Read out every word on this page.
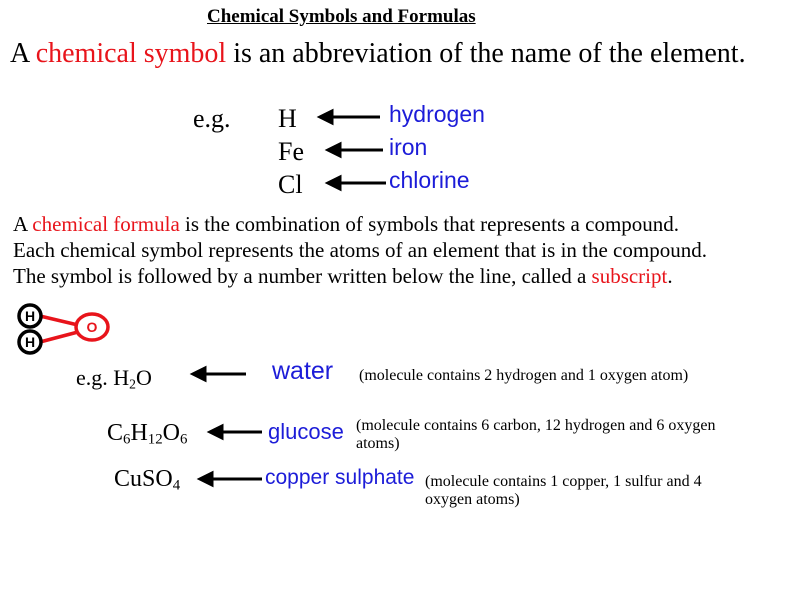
Chemical Symbols and Formulas
A chemical symbol is an abbreviation of the name of the element.
e.g. H
Fe
Cl
hydrogen
iron
chlorine
A chemical formula is the combination of symbols that represents a compound.
Each chemical symbol represents the atoms of an element that is in the compound.
The symbol is followed by a number written below the line, called a subscript.
H
H
O
e.g. $H_2O$
$C_6H_{12}O_6$
CuSO$_4$
water
glucose
copper sulphate
(molecule contains 2 hydrogen and 1 oxygen atom)
(molecule contains 6 carbon, 12 hydrogen and 6 oxygen
atoms)
(molecule contains 1 copper, 1 sulfur and 4
oxygen atoms)
